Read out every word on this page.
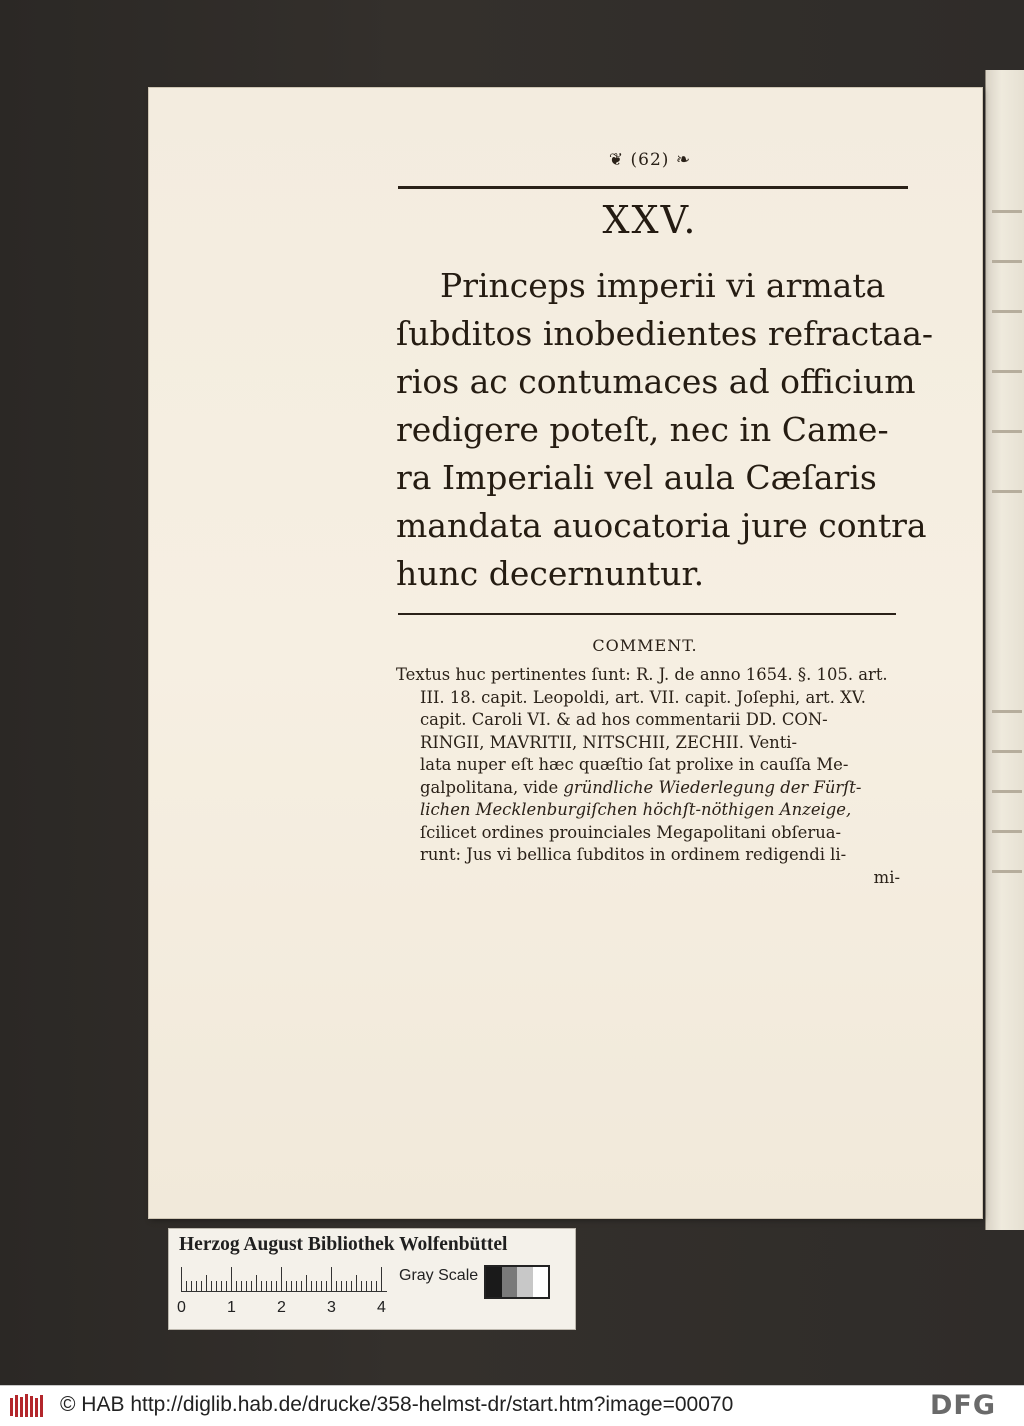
❦ (62) ❧
XXV.
Princeps imperii vi armata
ſubditos inobedientes refractaa-
rios ac contumaces ad officium
redigere poteſt, nec in Came-
ra Imperiali vel aula Cæſaris
mandata auocatoria jure contra
hunc decernuntur.
COMMENT.
Textus huc pertinentes ſunt: R. J. de anno 1654. §. 105. art.
III. 18. capit. Leopoldi, art. VII. capit. Joſephi, art. XV.
capit. Caroli VI. & ad hos commentarii DD. CON-
RINGII, MAVRITII, NITSCHII, ZECHII. Venti-
lata nuper eſt hæc quæſtio ſat prolixe in cauſſa Me-
galpolitana, vide gründliche Wiederlegung der Fürſt-
lichen Mecklenburgiſchen höchſt-nöthigen Anzeige,
ſcilicet ordines prouinciales Megapolitani obſerua-
runt: Jus vi bellica ſubditos in ordinem redigendi li-
mi-
Herzog August Bibliothek Wolfenbüttel
0	1	2	3	4
Gray Scale
© HAB http://diglib.hab.de/drucke/358-helmst-dr/start.htm?image=00070	DFG
